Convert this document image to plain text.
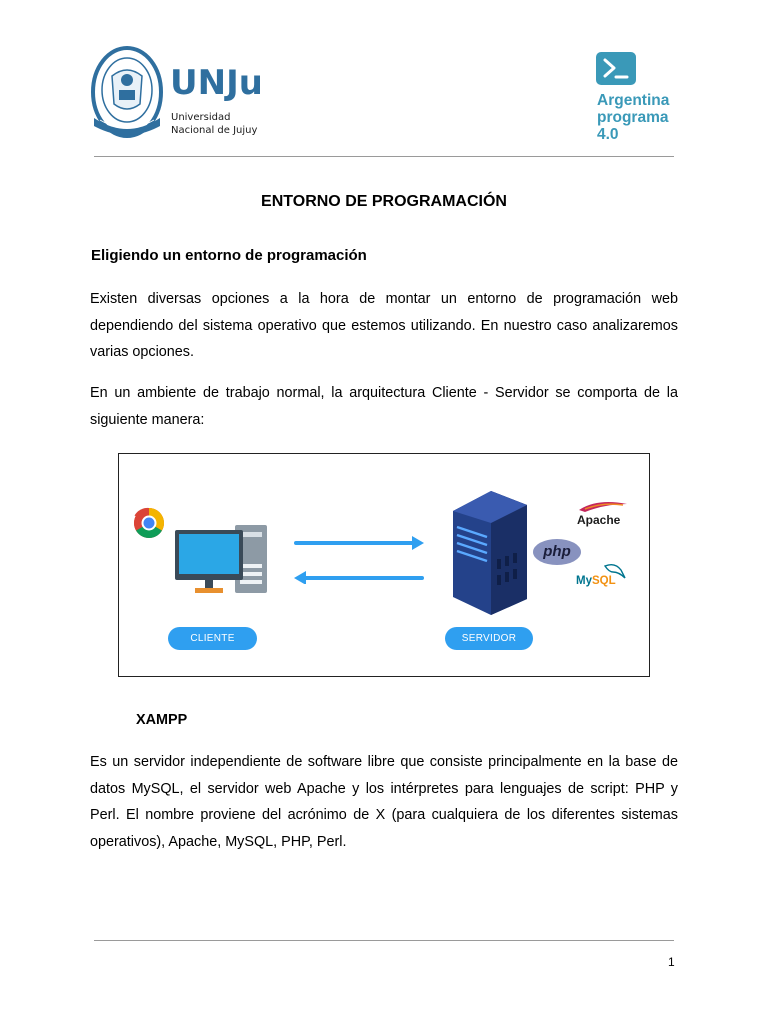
UNJu
Universidad
Nacional de Jujuy
Argentina
programa
4.0
ENTORNO DE PROGRAMACIÓN
Eligiendo un entorno de programación
Existen diversas opciones a la hora de montar un entorno de programación web dependiendo del sistema operativo que estemos utilizando. En nuestro caso analizaremos varias opciones.
En un ambiente de trabajo normal, la arquitectura Cliente - Servidor se comporta de la siguiente manera:
Apache
php
MySQL
CLIENTE	SERVIDOR
XAMPP
Es un servidor independiente de software libre que consiste principalmente en la base de datos MySQL, el servidor web Apache y los intérpretes para lenguajes de script: PHP y Perl. El nombre proviene del acrónimo de X (para cualquiera de los diferentes sistemas operativos), Apache, MySQL, PHP, Perl.
1
